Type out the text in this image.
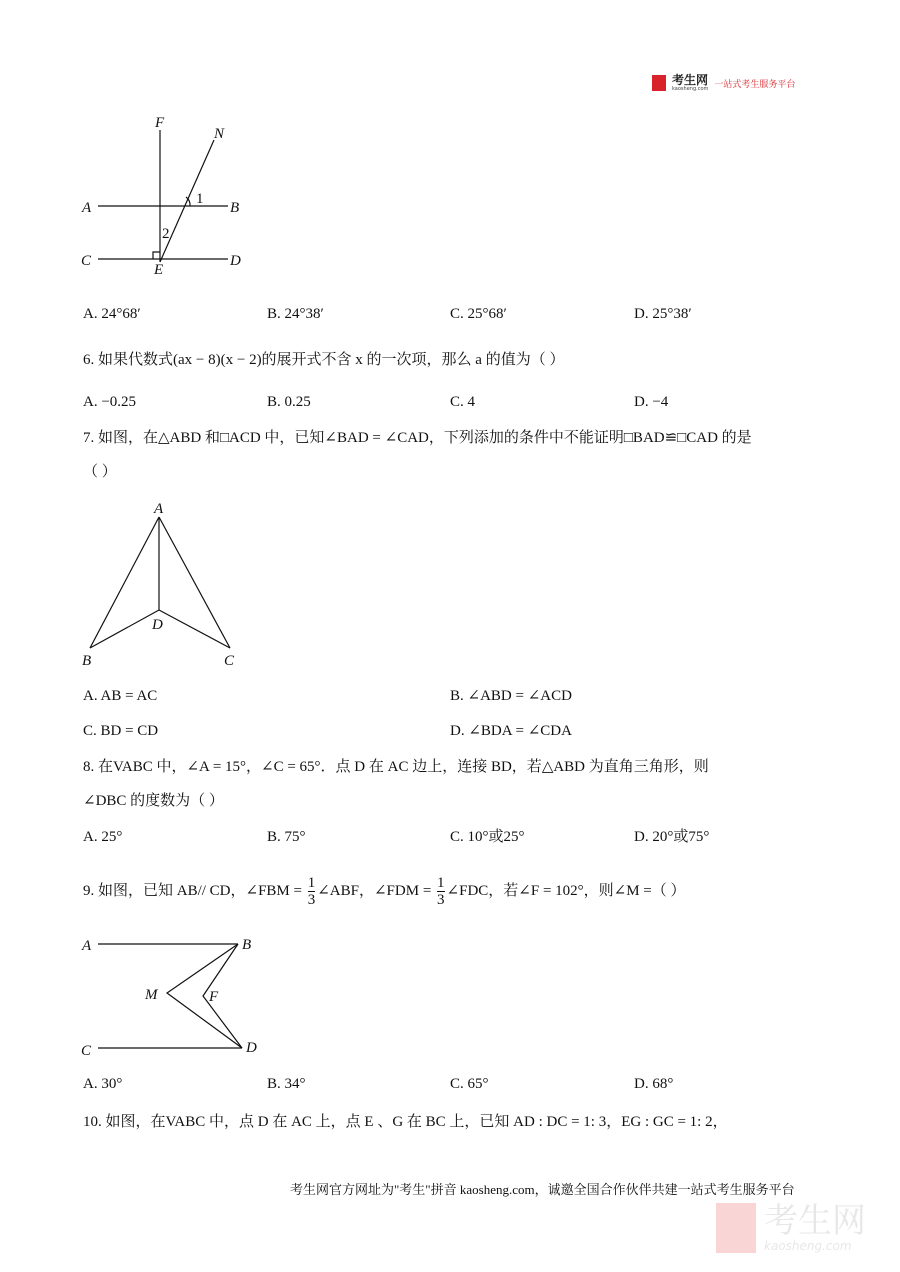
考生网
kaosheng.com 一站式考生服务平台
F
N
A	B
C	D
E
1
2
A
B	C
D
A	B
C	D
M	F
A. 24°68ʹ	B. 24°38ʹ	C. 25°68ʹ	D. 25°38ʹ
6. 如果代数式(ax − 8)(x − 2)的展开式不含 x 的一次项，那么 a 的值为（ ）
A. −0.25	B. 0.25	C. 4	D. −4
7. 如图，在△ABD 和□ACD 中，已知∠BAD = ∠CAD，下列添加的条件中不能证明□BAD≌□CAD 的是
（ ）
A. AB = AC	B. ∠ABD = ∠ACD
C. BD = CD	D. ∠BDA = ∠CDA
8. 在VABC 中，∠A = 15°，∠C = 65°．点 D 在 AC 边上，连接 BD，若△ABD 为直角三角形，则
∠DBC 的度数为（ ）
A. 25°	B. 75°	C. 10°或25°	D. 20°或75°
9. 如图，已知 AB// CD，∠FBM = $\frac{1}{3}$ ∠ABF，∠FDM = $\frac{1}{3}$ ∠FDC，若∠F = 102°，则∠M =（ ）
A. 30°	B. 34°	C. 65°	D. 68°
10. 如图，在VABC 中，点 D 在 AC 上，点 E 、G 在 BC 上，已知 AD : DC = 1: 3，EG : GC = 1: 2，
考生网官方网址为"考生"拼音 kaosheng.com，诚邀全国合作伙伴共建一站式考生服务平台
考生网
kaosheng.com
